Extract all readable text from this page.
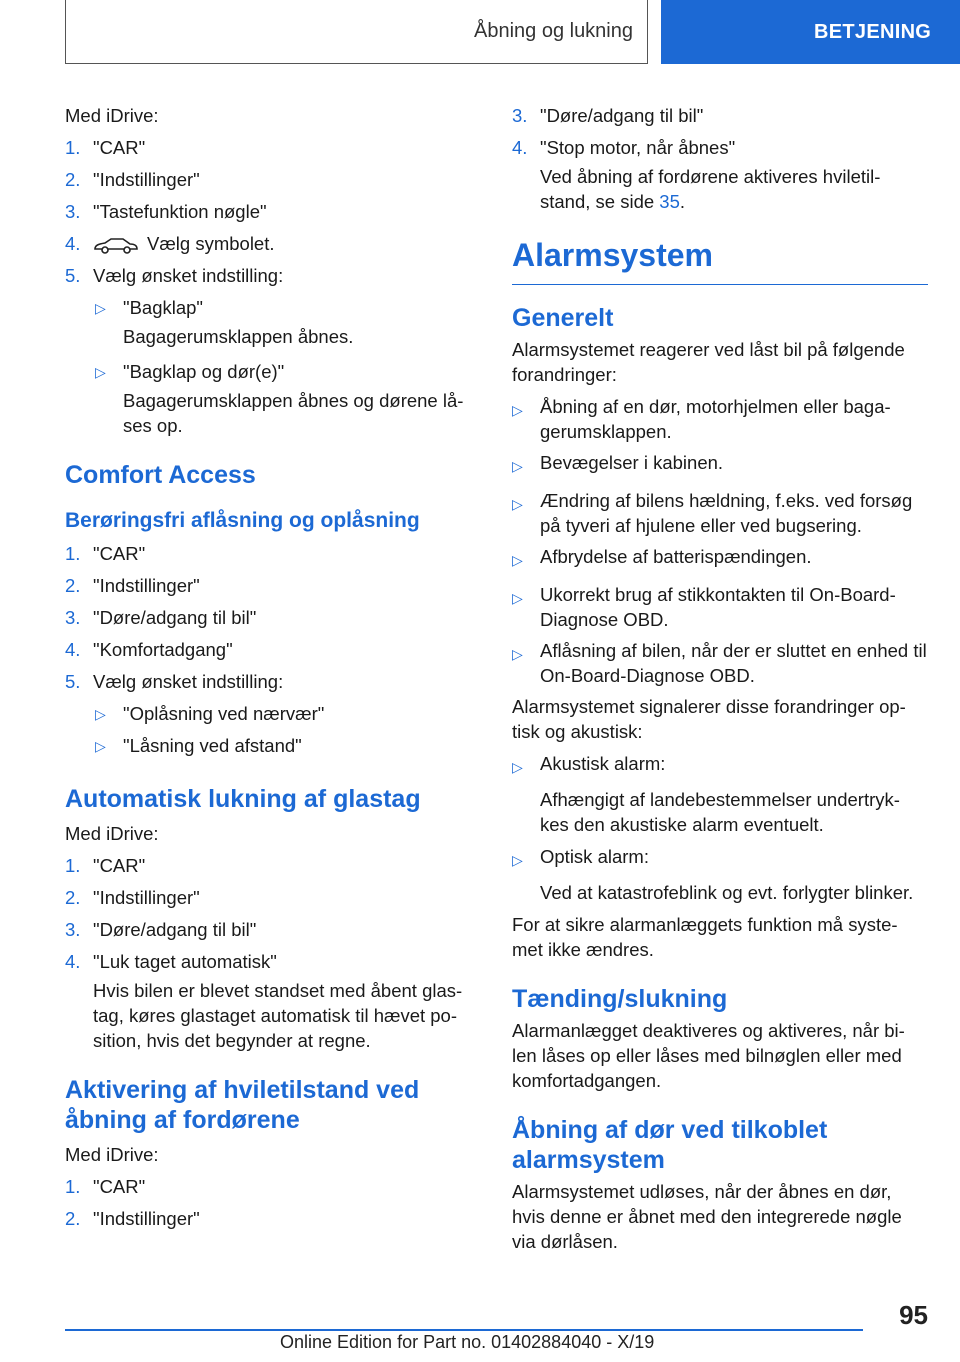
Åbning og lukning	BETJENING

Med iDrive:

1. "CAR"
2. "Indstillinger"
3. "Tastefunktion nøgle"
4.	Vælg symbolet.
5. Vælg ønsket indstilling:
▷ "Bagklap"

Bagagerumsklappen åbnes.

▷ "Bagklap og dør(e)"

Bagagerumsklappen åbnes og dørene lå-ses op.

Comfort Access
Berøringsfri aflåsning og oplåsning
1. "CAR"
2. "Indstillinger"
3. "Døre/adgang til bil"
4. "Komfortadgang"
5. Vælg ønsket indstilling:
▷ "Oplåsning ved nærvær"
▷ "Låsning ved afstand"
Automatisk lukning af glastag

Med iDrive:

1. "CAR"
2. "Indstillinger"
3. "Døre/adgang til bil"
4. "Luk taget automatisk"

Hvis bilen er blevet standset med åbent glas-tag, køres glastaget automatisk til hævet po-sition, hvis det begynder at regne.

Aktivering af hviletilstand ved åbning af fordørene

Med iDrive:

1. "CAR"
2. "Indstillinger"
3. "Døre/adgang til bil"
4. "Stop motor, når åbnes"

Ved åbning af fordørene aktiveres hviletil-stand, se side 35.

Alarmsystem
Generelt

Alarmsystemet reagerer ved låst bil på følgende forandringer:

▷ Åbning af en dør, motorhjelmen eller baga-gerumsklappen.
▷ Bevægelser i kabinen.
▷ Ændring af bilens hældning, f.eks. ved forsøg på tyveri af hjulene eller ved bugsering.
▷ Afbrydelse af batterispændingen.
▷ Ukorrekt brug af stikkontakten til On-Board-Diagnose OBD.
▷ Aflåsning af bilen, når der er sluttet en enhed til On-Board-Diagnose OBD.

Alarmsystemet signalerer disse forandringer op-tisk og akustisk:

▷ Akustisk alarm:

Afhængigt af landebestemmelser undertryk-kes den akustiske alarm eventuelt.

▷ Optisk alarm:

Ved at katastrofeblink og evt. forlygter blinker.

For at sikre alarmanlæggets funktion må syste-met ikke ændres.

Tænding/slukning

Alarmanlægget deaktiveres og aktiveres, når bi-len låses op eller låses med bilnøglen eller med komfortadgangen.

Åbning af dør ved tilkoblet alarmsystem

Alarmsystemet udløses, når der åbnes en dør, hvis denne er åbnet med den integrerede nøgle via dørlåsen.

95
Online Edition for Part no. 01402884040 - X/19
